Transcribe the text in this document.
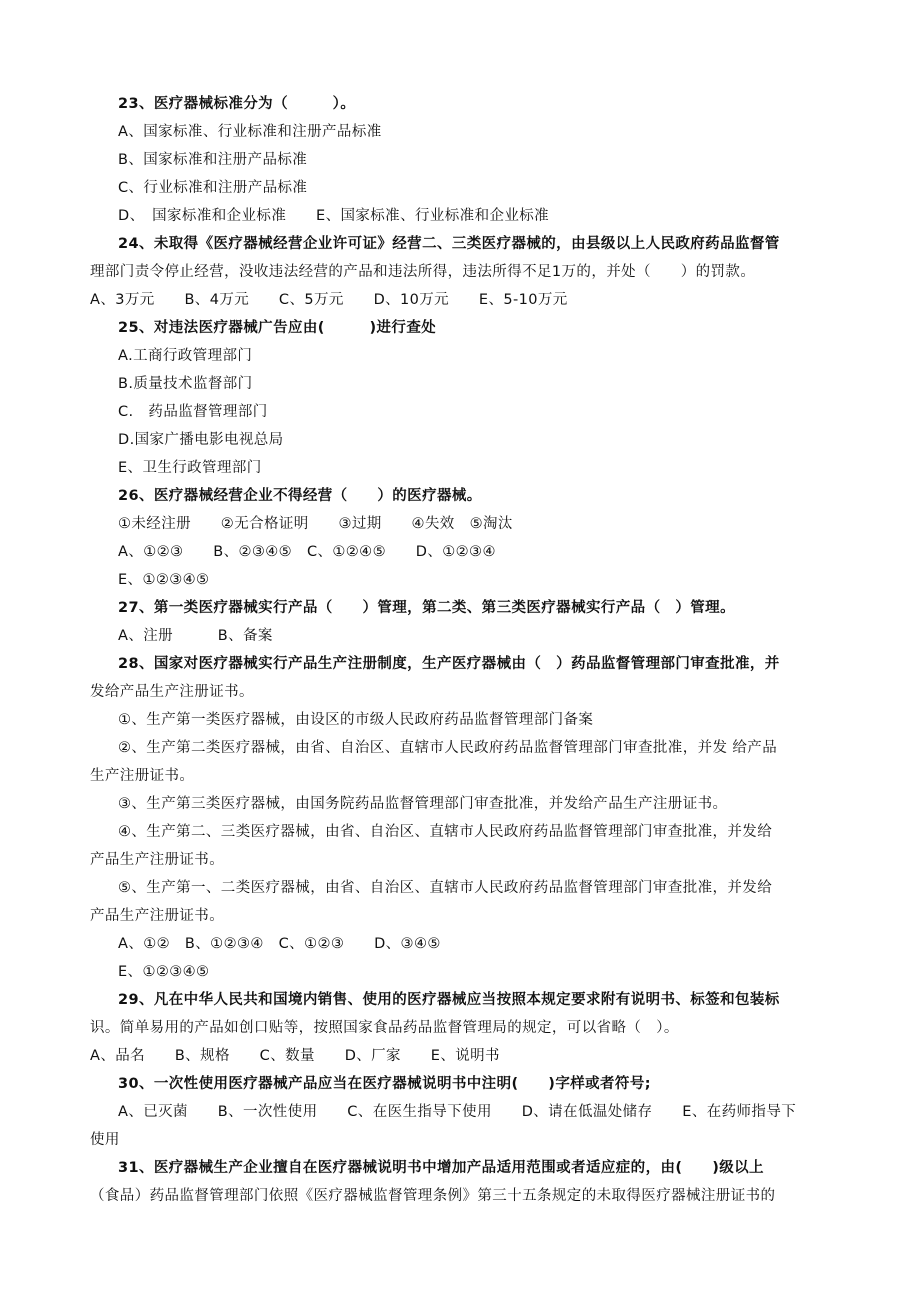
23、医疗器械标准分为（　　　）。
A、国家标准、行业标准和注册产品标准
B、国家标准和注册产品标准
C、行业标准和注册产品标准
D、　国家标准和企业标准　　E、国家标准、行业标准和企业标准
24、未取得《医疗器械经营企业许可证》经营二、三类医疗器械的，由县级以上人民政府药品监督管
理部门责令停止经营，没收违法经营的产品和违法所得，违法所得不足1万的，并处（　　）的罚款。
A、3万元　　B、4万元　　C、5万元　　D、10万元　　E、5-10万元
25、对违法医疗器械广告应由(　　　)进行查处
A.工商行政管理部门
B.质量技术监督部门
C.　药品监督管理部门
D.国家广播电影电视总局
E、卫生行政管理部门
26、医疗器械经营企业不得经营（　　）的医疗器械。
①未经注册　　②无合格证明　　③过期　　④失效　⑤淘汰
A、①②③　　B、②③④⑤　C、①②④⑤　　D、①②③④
E、①②③④⑤
27、第一类医疗器械实行产品（　　）管理，第二类、第三类医疗器械实行产品（　）管理。
A、注册　　　B、备案
28、国家对医疗器械实行产品生产注册制度，生产医疗器械由（　）药品监督管理部门审查批准，并
发给产品生产注册证书。
①、生产第一类医疗器械，由设区的市级人民政府药品监督管理部门备案
②、生产第二类医疗器械，由省、自治区、直辖市人民政府药品监督管理部门审查批准，并发 给产品
生产注册证书。
③、生产第三类医疗器械，由国务院药品监督管理部门审查批准，并发给产品生产注册证书。
④、生产第二、三类医疗器械，由省、自治区、直辖市人民政府药品监督管理部门审查批准，并发给
产品生产注册证书。
⑤、生产第一、二类医疗器械，由省、自治区、直辖市人民政府药品监督管理部门审查批准，并发给
产品生产注册证书。
A、①②　B、①②③④　C、①②③　　D、③④⑤
E、①②③④⑤
29、凡在中华人民共和国境内销售、使用的医疗器械应当按照本规定要求附有说明书、标签和包装标
识。简单易用的产品如创口贴等，按照国家食品药品监督管理局的规定，可以省略（　）。
A、品名　　B、规格　　C、数量　　D、厂家　　E、说明书
30、一次性使用医疗器械产品应当在医疗器械说明书中注明(　　)字样或者符号;
A、已灭菌　　B、一次性使用　　C、在医生指导下使用　　D、请在低温处储存　　E、在药师指导下
使用
31、医疗器械生产企业擅自在医疗器械说明书中增加产品适用范围或者适应症的，由(　　)级以上
（食品）药品监督管理部门依照《医疗器械监督管理条例》第三十五条规定的未取得医疗器械注册证书的
